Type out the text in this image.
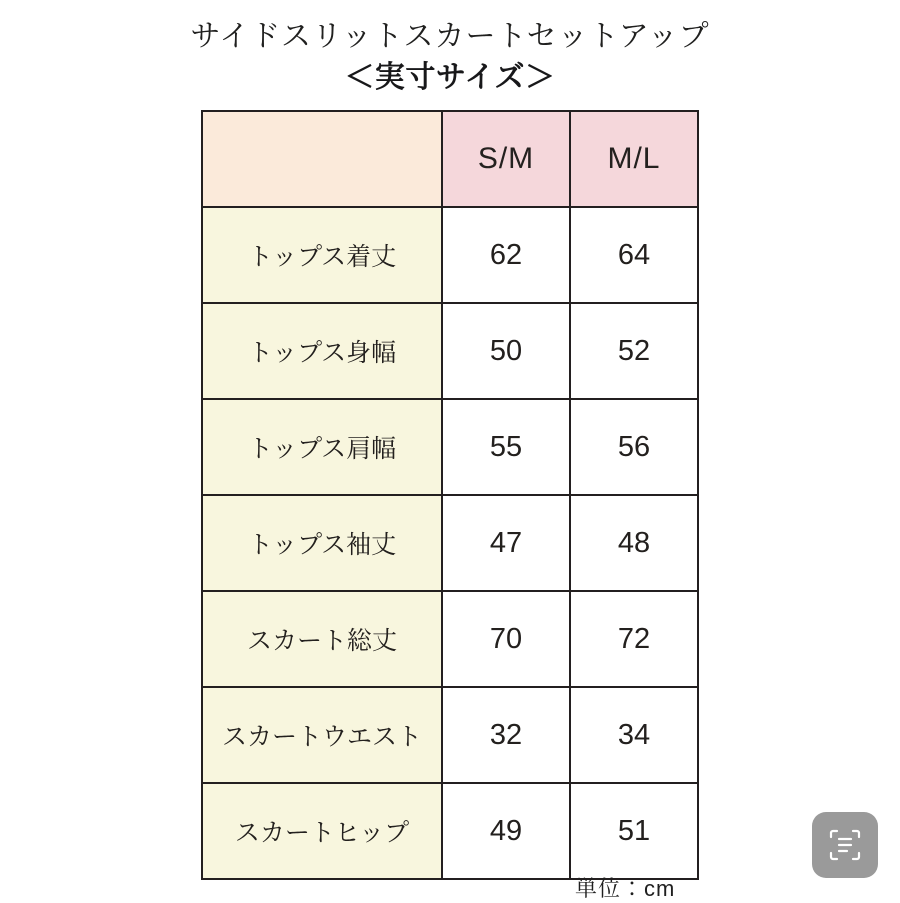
サイドスリットスカートセットアップ
＜実寸サイズ＞
	S/M	M/L
トップス着丈	62	64
トップス身幅	50	52
トップス肩幅	55	56
トップス袖丈	47	48
スカート総丈	70	72
スカートウエスト	32	34
スカートヒップ	49	51
単位：cm
